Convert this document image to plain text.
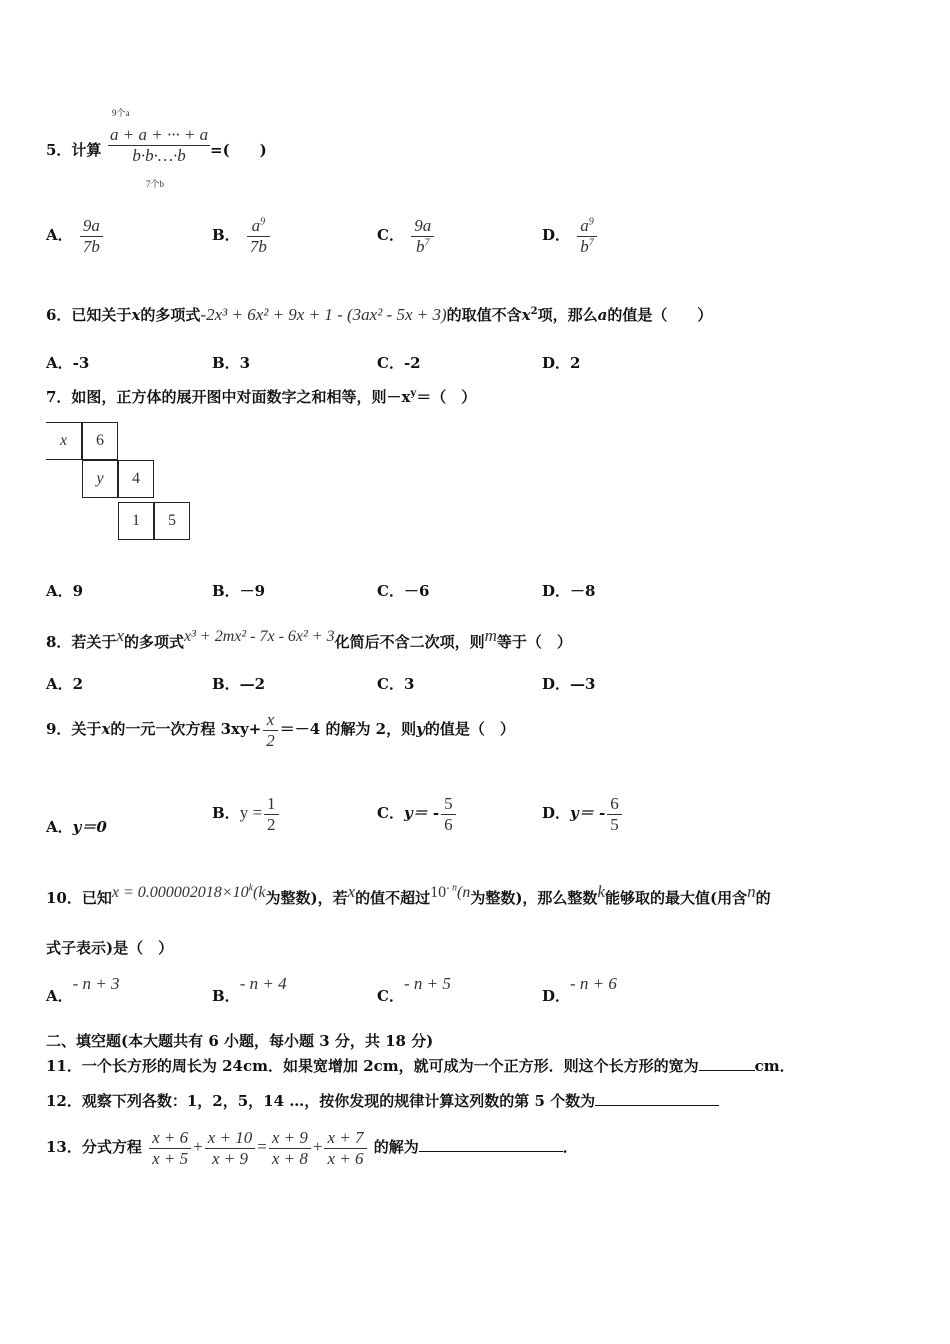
9个a
5．计算 $\frac{a + a + \cdot\cdot\cdot + a}{b\cdot b\cdot\dots\cdot b}$
7个b
=(　　)
A． $\frac{9a}{7b}$	B． $\frac{a^9}{7b}$	C． $\frac{9a}{b^7}$	D． $\frac{a^9}{b^7}$
6．已知关于x的多项式-2x³ + 6x² + 9x + 1 - (3ax² - 5x + 3)的取值不含$x^2$项，那么a的值是（　　）
A．-3	B．3	C．-2	D．2
7．如图，正方体的展开图中对面数字之和相等，则$-x^y=$（　）
x	6
y	4
1	5
A．9	B．－9	C．－6	D．－8
8．若关于x的多项式x³ + 2mx² - 7x - 6x² + 3化简后不含二次项，则m等于（　）
A．2	B．—2	C．3	D．—3
9．关于x的一元一次方程 $3xy+ \frac{x}{2} =-4$ 的解为 2，则y的值是（　）
A．y＝0
B．$y = \frac{1}{2}$	C．$y= - \frac{5}{6}$	D．$y= - \frac{6}{5}$
10．已知$x = 0.000002018\times 10^k(k$为整数)，若x的值不超过$10^{- n}(n$为整数)，那么整数k能够取的最大值(用含n的
式子表示)是（　）
A．- n + 3
B．- n + 4
C．- n + 5
D．- n + 6
二、填空题(本大题共有 6 小题，每小题 3 分，共 18 分)
11．一个长方形的周长为 24cm．如果宽增加 2cm，就可成为一个正方形．则这个长方形的宽为	cm．
12．观察下列各数：1，2，5，14 …，按你发现的规律计算这列数的第 5 个数为
13．分式方程 $\frac{x + 6}{x + 5} + \frac{x + 10}{x + 9} = \frac{x + 9}{x + 8} + \frac{x + 7}{x + 6}$ 的解为	．
